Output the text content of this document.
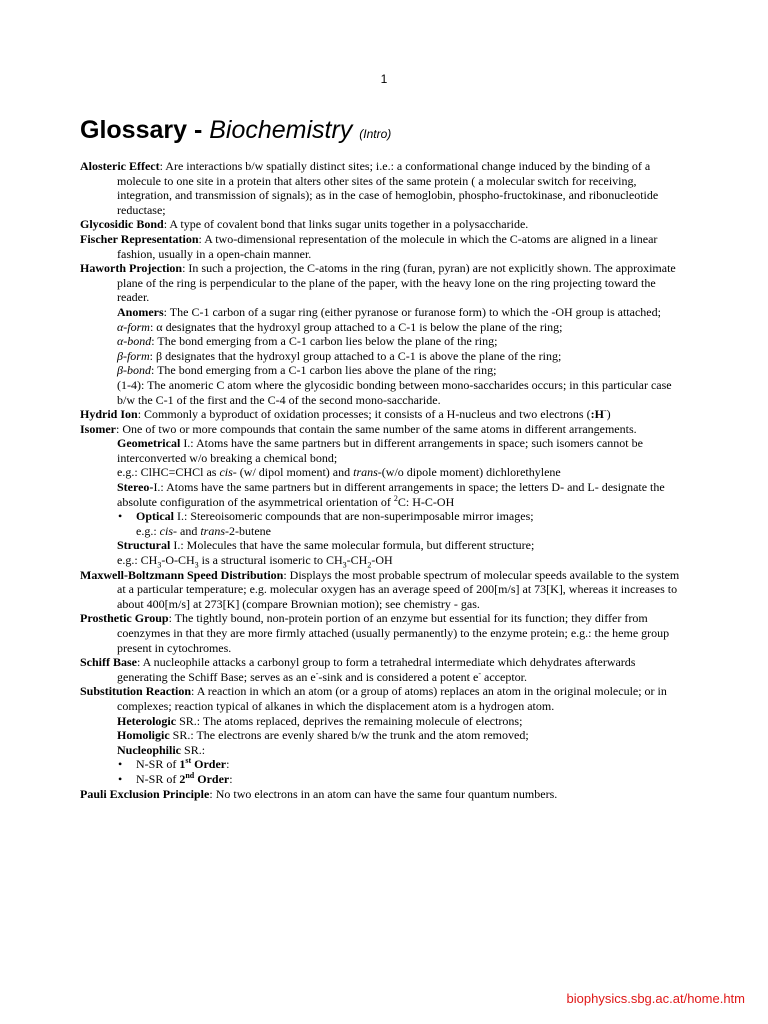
1
Glossary - Biochemistry (Intro)

Alosteric Effect: Are interactions b/w spatially distinct sites; i.e.: a conformational change induced by the binding of a molecule to one site in a protein that alters other sites of the same protein ( a molecular switch for receiving, integration, and transmission of signals); as in the case of hemoglobin, phospho-fructokinase, and ribonucleotide reductase;

Glycosidic Bond: A type of covalent bond that links sugar units together in a polysaccharide.

Fischer Representation: A two-dimensional representation of the molecule in which the C-atoms are aligned in a linear fashion, usually in a open-chain manner.

Haworth Projection: In such a projection, the C-atoms in the ring (furan, pyran) are not explicitly shown. The approximate plane of the ring is perpendicular to the plane of the paper, with the heavy lone on the ring projecting toward the reader.

Anomers: The C-1 carbon of a sugar ring (either pyranose or furanose form) to which the -OH group is attached;

α-form: α designates that the hydroxyl group attached to a C-1 is below the plane of the ring;

α-bond: The bond emerging from a C-1 carbon lies below the plane of the ring;

β-form: β designates that the hydroxyl group attached to a C-1 is above the plane of the ring;

β-bond: The bond emerging from a C-1 carbon lies above the plane of the ring;

(1-4): The anomeric C atom where the glycosidic bonding between mono-saccharides occurs; in this particular case b/w the C-1 of the first and the C-4 of the second mono-saccharide.

Hydrid Ion: Commonly a byproduct of oxidation processes; it consists of a H-nucleus and two electrons (:H-)

Isomer: One of two or more compounds that contain the same number of the same atoms in different arrangements.

Geometrical I.: Atoms have the same partners but in different arrangements in space; such isomers cannot be interconverted w/o breaking a chemical bond;

e.g.: ClHC=CHCl as cis- (w/ dipol moment) and trans-(w/o dipole moment) dichlorethylene

Stereo-I.: Atoms have the same partners but in different arrangements in space; the letters D- and L- designate the absolute configuration of the asymmetrical orientation of $^2$C: H-C-OH

• Optical I.: Stereoisomeric compounds that are non-superimposable mirror images;

e.g.: cis- and trans-2-butene

Structural I.: Molecules that have the same molecular formula, but different structure;

e.g.: $CH_3-O-CH_3$ is a structural isomeric to $CH_3-CH_2-OH$

Maxwell-Boltzmann Speed Distribution: Displays the most probable spectrum of molecular speeds available to the system at a particular temperature; e.g. molecular oxygen has an average speed of 200[m/s] at 73[K], whereas it increases to about 400[m/s] at 273[K] (compare Brownian motion); see chemistry - gas.

Prosthetic Group: The tightly bound, non-protein portion of an enzyme but essential for its function; they differ from coenzymes in that they are more firmly attached (usually permanently) to the enzyme protein; e.g.: the heme group present in cytochromes.

Schiff Base: A nucleophile attacks a carbonyl group to form a tetrahedral intermediate which dehydrates afterwards generating the Schiff Base; serves as an e--sink and is considered a potent e- acceptor.

Substitution Reaction: A reaction in which an atom (or a group of atoms) replaces an atom in the original molecule; or in complexes; reaction typical of alkanes in which the displacement atom is a hydrogen atom.

Heterologic SR.: The atoms replaced, deprives the remaining molecule of electrons;

Homoligic SR.: The electrons are evenly shared b/w the trunk and the atom removed;

Nucleophilic SR.:

• N-SR of 1st Order:

• N-SR of 2nd Order:

Pauli Exclusion Principle: No two electrons in an atom can have the same four quantum numbers.

biophysics.sbg.ac.at/home.htm
